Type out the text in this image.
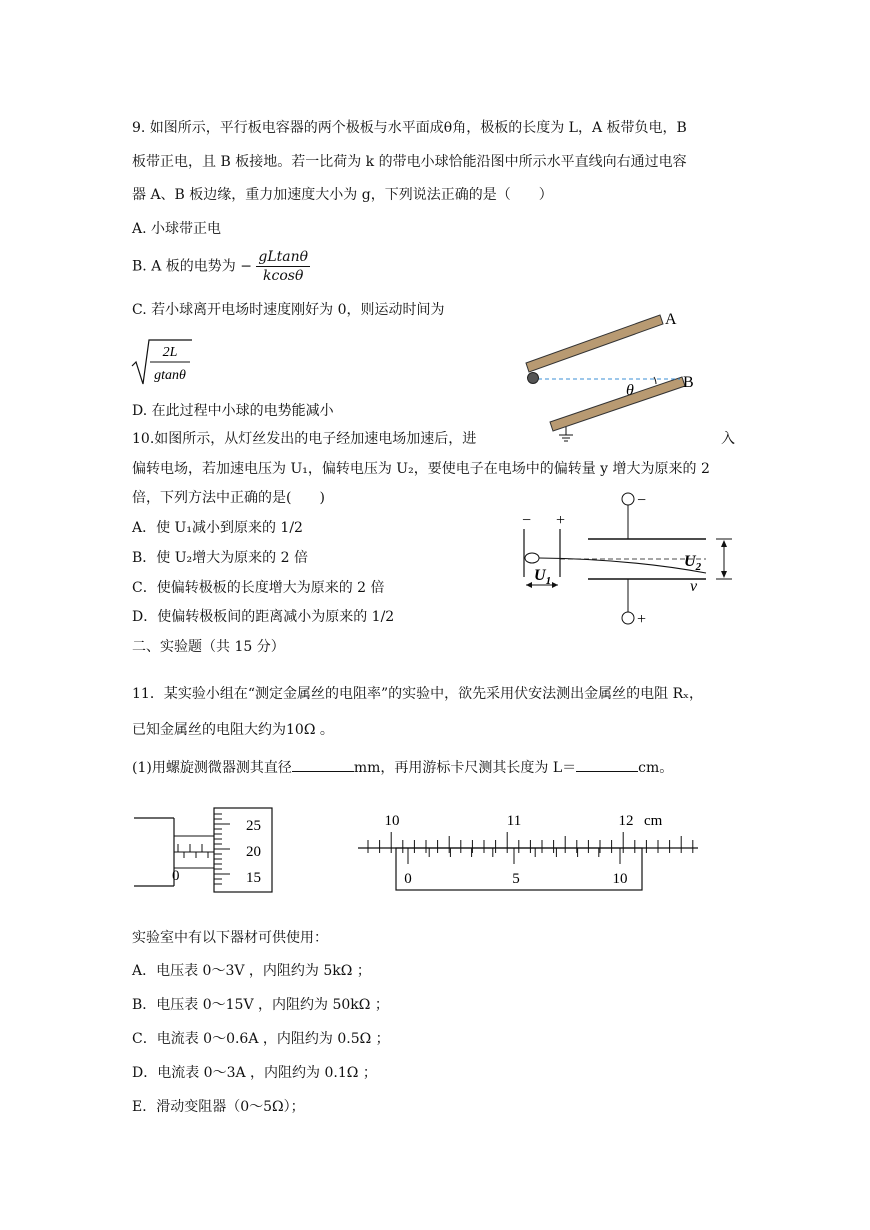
9. 如图所示，平行板电容器的两个极板与水平面成θ角，极板的长度为 L，A 板带负电，B
板带正电，且 B 板接地。若一比荷为 k 的带电小球恰能沿图中所示水平直线向右通过电容
器 A、B 板边缘，重力加速度大小为 g，下列说法正确的是（　　）
A. 小球带正电
B. A 板的电势为 − $\frac{gLtan\theta}{kcos\theta}$
C. 若小球离开电场时速度刚好为 0，则运动时间为
2L
gtanθ
D. 在此过程中小球的电势能减小
A
B
θ
10.如图所示，从灯丝发出的电子经加速电场加速后，进	入
偏转电场，若加速电压为 U₁，偏转电压为 U₂，要使电子在电场中的偏转量 y 增大为原来的 2
倍，下列方法中正确的是(　　)
A．使 U₁减小到原来的 1/2
B．使 U₂增大为原来的 2 倍
C．使偏转极板的长度增大为原来的 2 倍
D．使偏转极板间的距离减小为原来的 1/2
− +
−
+
$U_1$
$U_2$
v
二、实验题（共 15 分）
11．某实验小组在“测定金属丝的电阻率”的实验中，欲先采用伏安法测出金属丝的电阻 Rₓ，
已知金属丝的电阻大约为10Ω 。
(1)用螺旋测微器测其直径	mm，再用游标卡尺测其长度为 L＝	cm。
0
25
20
15
10	11	12 cm
0	5	10
实验室中有以下器材可供使用：
A．电压表 0～3V ，内阻约为 5kΩ ；
B．电压表 0～15V ，内阻约为 50kΩ ；
C．电流表 0～0.6A ，内阻约为 0.5Ω ；
D．电流表 0～3A ，内阻约为 0.1Ω ；
E．滑动变阻器（0～5Ω）；
